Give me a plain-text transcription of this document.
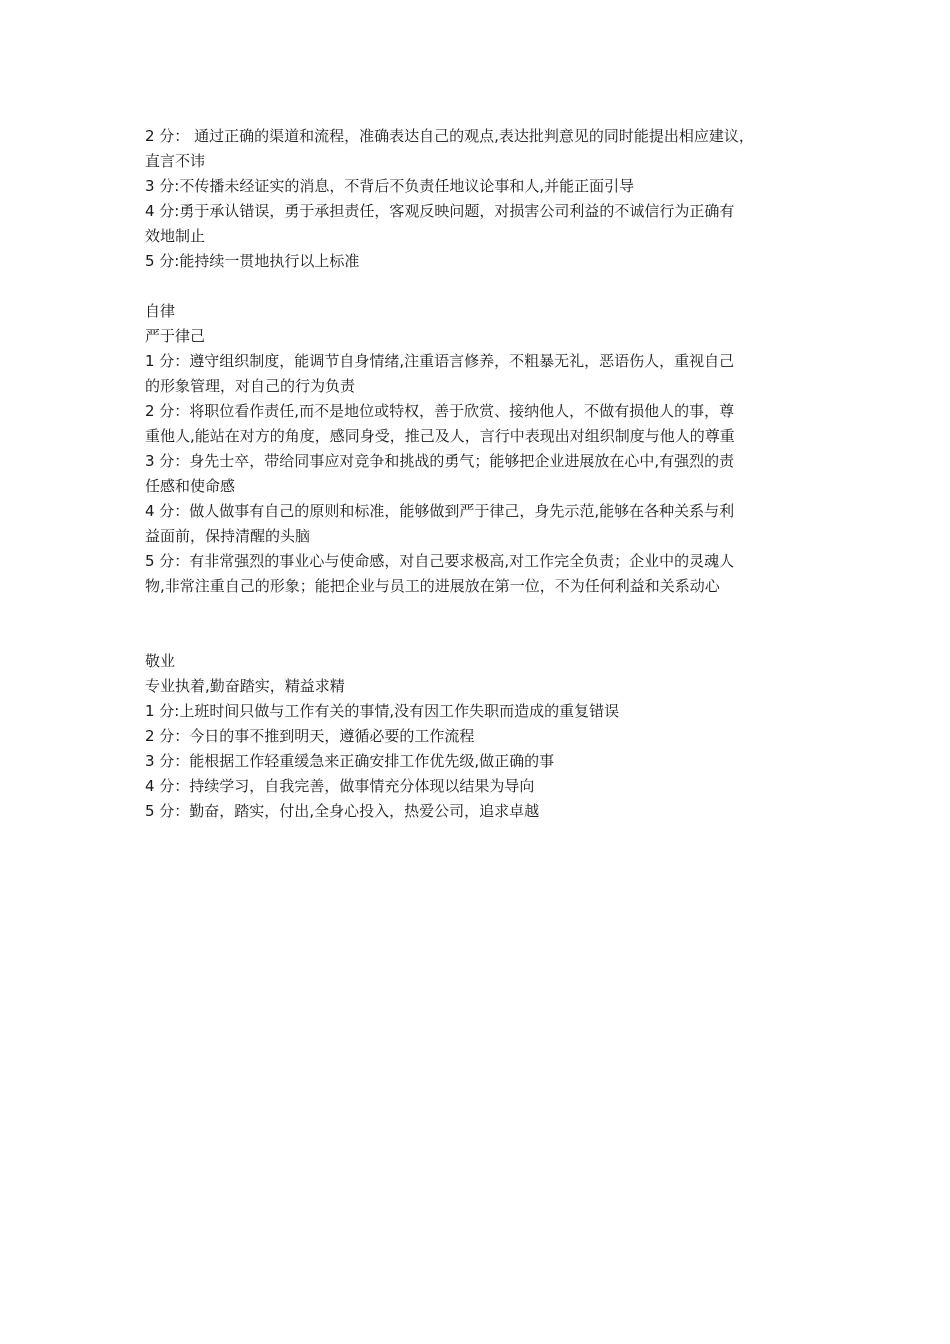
2 分： 通过正确的渠道和流程，准确表达自己的观点,表达批判意见的同时能提出相应建议，
直言不讳
3 分:不传播未经证实的消息，不背后不负责任地议论事和人,并能正面引导
4 分:勇于承认错误，勇于承担责任，客观反映问题，对损害公司利益的不诚信行为正确有
效地制止
5 分:能持续一贯地执行以上标准
自律
严于律己
1 分：遵守组织制度，能调节自身情绪,注重语言修养，不粗暴无礼，恶语伤人，重视自己
的形象管理，对自己的行为负责
2 分：将职位看作责任,而不是地位或特权，善于欣赏、接纳他人，不做有损他人的事，尊
重他人,能站在对方的角度，感同身受，推己及人，言行中表现出对组织制度与他人的尊重
3 分：身先士卒，带给同事应对竞争和挑战的勇气；能够把企业进展放在心中,有强烈的责
任感和使命感
4 分：做人做事有自己的原则和标准，能够做到严于律己，身先示范,能够在各种关系与利
益面前，保持清醒的头脑
5 分：有非常强烈的事业心与使命感，对自己要求极高,对工作完全负责；企业中的灵魂人
物,非常注重自己的形象；能把企业与员工的进展放在第一位，不为任何利益和关系动心
敬业
专业执着,勤奋踏实，精益求精
1 分:上班时间只做与工作有关的事情,没有因工作失职而造成的重复错误
2 分：今日的事不推到明天，遵循必要的工作流程
3 分：能根据工作轻重缓急来正确安排工作优先级,做正确的事
4 分：持续学习，自我完善，做事情充分体现以结果为导向
5 分：勤奋，踏实，付出,全身心投入，热爱公司，追求卓越
